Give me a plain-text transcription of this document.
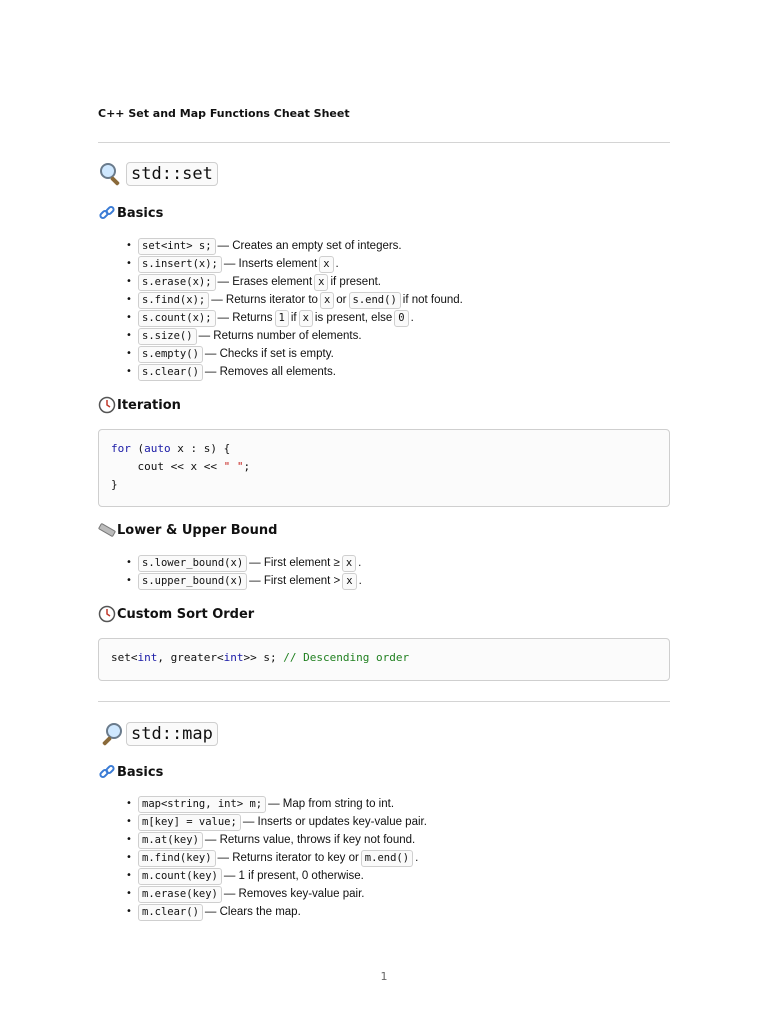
C++ Set and Map Functions Cheat Sheet
std::set
Basics
• set<int> s; — Creates an empty set of integers.
• s.insert(x); — Inserts element x .
• s.erase(x); — Erases element x if present.
• s.find(x); — Returns iterator to x or s.end() if not found.
• s.count(x); — Returns 1 if x is present, else 0 .
• s.size() — Returns number of elements.
• s.empty() — Checks if set is empty.
• s.clear() — Removes all elements.
Iteration
for (auto x : s) {
cout << x << " ";
}
Lower & Upper Bound
• s.lower_bound(x) — First element ≥ x .
• s.upper_bound(x) — First element > x .
Custom Sort Order
set<int, greater<int>> s; // Descending order
std::map
Basics
• map<string, int> m; — Map from string to int.
• m[key] = value; — Inserts or updates key-value pair.
• m.at(key) — Returns value, throws if key not found.
• m.find(key) — Returns iterator to key or m.end() .
• m.count(key) — 1 if present, 0 otherwise.
• m.erase(key) — Removes key-value pair.
• m.clear() — Clears the map.
1
